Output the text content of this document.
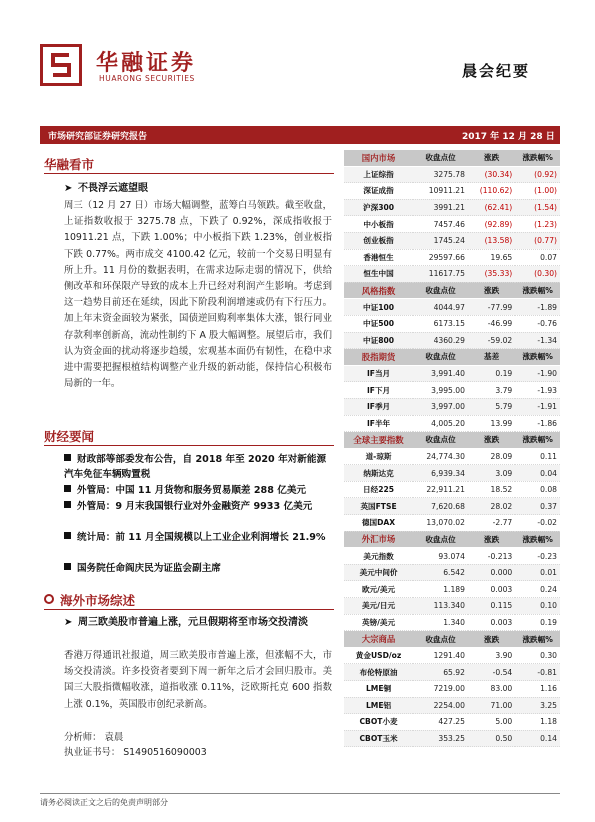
华融证券
HUARONG SECURITIES	晨会纪要
市场研究部证券研究报告	2017 年 12 月 28 日
华融看市
➤ 不畏浮云遮望眼
周三（12 月 27 日）市场大幅调整，蓝筹白马领跌。截至收盘，上证指数收报于 3275.78 点，下跌了 0.92%，深成指收报于 10911.21 点，下跌 1.00%；中小板指下跌 1.23%，创业板指下跌 0.77%。两市成交 4100.42 亿元，较前一个交易日明显有所上升。11 月份的数据表明，在需求边际走弱的情况下，供给侧改革和环保限产导致的成本上升已经对利润产生影响。考虑到这一趋势目前还在延续，因此下阶段利润增速或仍有下行压力。加上年末资金面较为紧张，国债逆回购利率集体大涨，银行同业存款利率创新高，流动性制约下 A 股大幅调整。展望后市，我们认为资金面的扰动将逐步趋缓，宏观基本面仍有韧性，在稳中求进中需要把握根植结构调整产业升级的新动能，保持信心积极布局新的一年。
财经要闻
财政部等部委发布公告，自 2018 年至 2020 年对新能源汽车免征车辆购置税
外管局：中国 11 月货物和服务贸易顺差 288 亿美元
外管局：9 月末我国银行业对外金融资产 9933 亿美元
统计局：前 11 月全国规模以上工业企业利润增长 21.9%
国务院任命阎庆民为证监会副主席
海外市场综述
➤ 周三欧美股市普遍上涨，元旦假期将至市场交投清淡
香港万得通讯社报道，周三欧美股市普遍上涨，但涨幅不大，市场交投清淡。许多投资者要到下周一新年之后才会回归股市。美国三大股指微幅收涨，道指收涨 0.11%，泛欧斯托克 600 指数上涨 0.1%，英国股市创纪录新高。
分析师： 袁晨
执业证书号： S1490516090003
请务必阅读正文之后的免责声明部分
国内市场	收盘点位	涨跌	涨跌幅%
上证综指	3275.78	(30.34)	(0.92)
深证成指	10911.21	(110.62)	(1.00)
沪深300	3991.21	(62.41)	(1.54)
中小板指	7457.46	(92.89)	(1.23)
创业板指	1745.24	(13.58)	(0.77)
香港恒生	29597.66	19.65	0.07
恒生中国	11617.75	(35.33)	(0.30)
风格指数	收盘点位	涨跌	涨跌幅%
中证100	4044.97	-77.99	-1.89
中证500	6173.15	-46.99	-0.76
中证800	4360.29	-59.02	-1.34
股指期货	收盘点位	基差	涨跌幅%
IF当月	3,991.40	0.19	-1.90
IF下月	3,995.00	3.79	-1.93
IF季月	3,997.00	5.79	-1.91
IF半年	4,005.20	13.99	-1.86
全球主要指数	收盘点位	涨跌	涨跌幅%
道-琼斯	24,774.30	28.09	0.11
纳斯达克	6,939.34	3.09	0.04
日经225	22,911.21	18.52	0.08
英国FTSE	7,620.68	28.02	0.37
德国DAX	13,070.02	-2.77	-0.02
外汇市场	收盘点位	涨跌	涨跌幅%
美元指数	93.074	-0.213	-0.23
美元中间价	6.542	0.000	0.01
欧元/美元	1.189	0.003	0.24
美元/日元	113.340	0.115	0.10
英镑/美元	1.340	0.003	0.19
大宗商品	收盘点位	涨跌	涨跌幅%
黄金USD/oz	1291.40	3.90	0.30
布伦特原油	65.92	-0.54	-0.81
LME铜	7219.00	83.00	1.16
LME铝	2254.00	71.00	3.25
CBOT小麦	427.25	5.00	1.18
CBOT玉米	353.25	0.50	0.14
